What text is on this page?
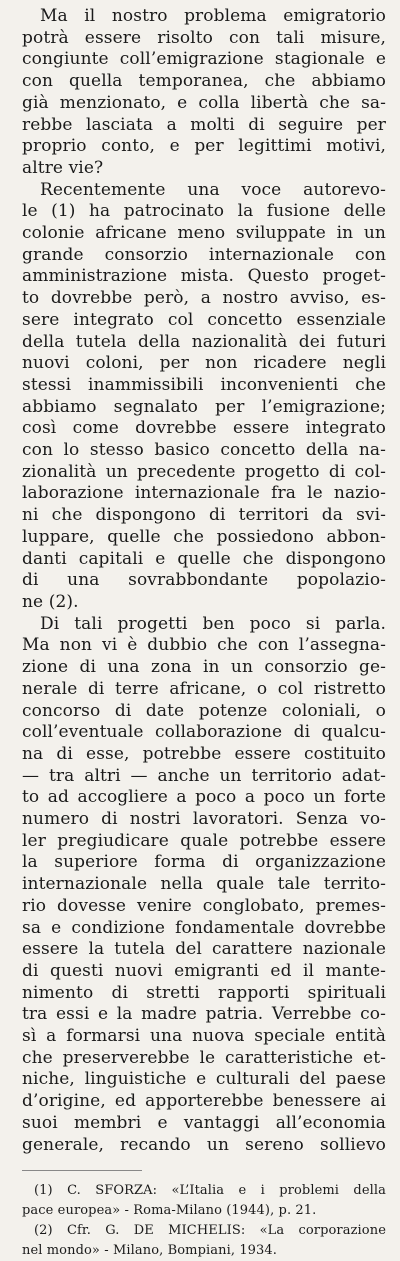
Ma il nostro problema emigratorio
potrà essere risolto con tali misure,
congiunte coll’emigrazione stagionale e
con quella temporanea, che abbiamo
già menzionato, e colla libertà che sa-
rebbe lasciata a molti di seguire per
proprio conto, e per legittimi motivi,
altre vie?
Recentemente una voce autorevo-
le (1) ha patrocinato la fusione delle
colonie africane meno sviluppate in un
grande consorzio internazionale con
amministrazione mista. Questo proget-
to dovrebbe però, a nostro avviso, es-
sere integrato col concetto essenziale
della tutela della nazionalità dei futuri
nuovi coloni, per non ricadere negli
stessi inammissibili inconvenienti che
abbiamo segnalato per l’emigrazione;
così come dovrebbe essere integrato
con lo stesso basico concetto della na-
zionalità un precedente progetto di col-
laborazione internazionale fra le nazio-
ni che dispongono di territori da svi-
luppare, quelle che possiedono abbon-
danti capitali e quelle che dispongono
di una sovrabbondante popolazio-
ne (2).
Di tali progetti ben poco si parla.
Ma non vi è dubbio che con l’assegna-
zione di una zona in un consorzio ge-
nerale di terre africane, o col ristretto
concorso di date potenze coloniali, o
coll’eventuale collaborazione di qualcu-
na di esse, potrebbe essere costituito
— tra altri — anche un territorio adat-
to ad accogliere a poco a poco un forte
numero di nostri lavoratori. Senza vo-
ler pregiudicare quale potrebbe essere
la superiore forma di organizzazione
internazionale nella quale tale territo-
rio dovesse venire conglobato, premes-
sa e condizione fondamentale dovrebbe
essere la tutela del carattere nazionale
di questi nuovi emigranti ed il mante-
nimento di stretti rapporti spirituali
tra essi e la madre patria. Verrebbe co-
sì a formarsi una nuova speciale entità
che preserverebbe le caratteristiche et-
niche, linguistiche e culturali del paese
d’origine, ed apporterebbe benessere ai
suoi membri e vantaggi all’economia
generale, recando un sereno sollievo
(1) C. SFORZA: «L’Italia e i problemi della
pace europea» - Roma-Milano (1944), p. 21.
(2) Cfr. G. DE MICHELIS: «La corporazione
nel mondo» - Milano, Bompiani, 1934.
